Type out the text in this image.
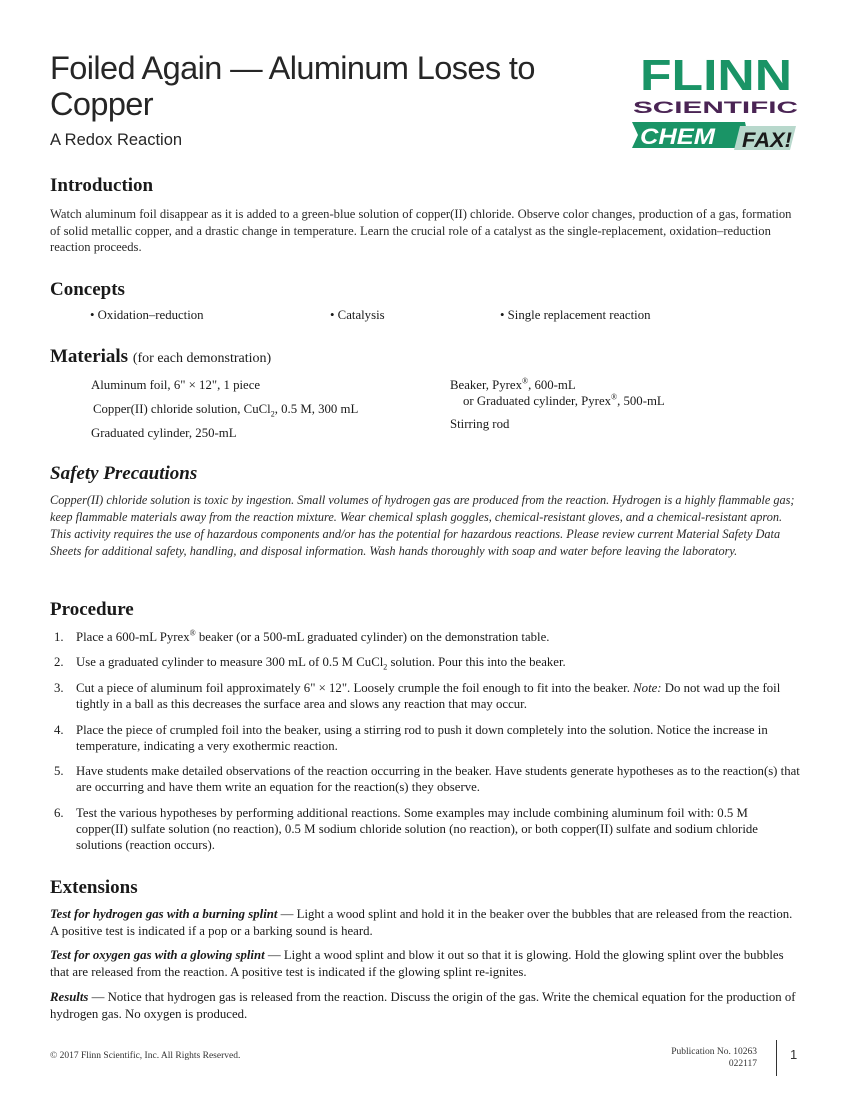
Foiled Again — Aluminum Loses to Copper
A Redox Reaction
FLINN
SCIENTIFIC
CHEM FAX!
Introduction
Watch aluminum foil disappear as it is added to a green-blue solution of copper(II) chloride. Observe color changes, production of a gas, formation of solid metallic copper, and a drastic change in temperature. Learn the crucial role of a catalyst as the single-replacement, oxidation–reduction reaction proceeds.
Concepts
• Oxidation–reduction	• Catalysis	• Single replacement reaction
Materials (for each demonstration)
Aluminum foil, 6" × 12", 1 piece
Copper(II) chloride solution, CuCl$_2$, 0.5 M, 300 mL
Graduated cylinder, 250-mL
Beaker, Pyrex®, 600-mL
or Graduated cylinder, Pyrex®, 500-mL
Stirring rod
Safety Precautions
Copper(II) chloride solution is toxic by ingestion. Small volumes of hydrogen gas are produced from the reaction. Hydrogen is a highly flammable gas; keep flammable materials away from the reaction mixture. Wear chemical splash goggles, chemical-resistant gloves, and a chemical-resistant apron. This activity requires the use of hazardous components and/or has the potential for hazardous reactions. Please review current Material Safety Data Sheets for additional safety, handling, and disposal information. Wash hands thoroughly with soap and water before leaving the laboratory.
Procedure
1. Place a 600-mL Pyrex® beaker (or a 500-mL graduated cylinder) on the demonstration table.
2. Use a graduated cylinder to measure 300 mL of 0.5 M CuCl$_2$ solution. Pour this into the beaker.
3. Cut a piece of aluminum foil approximately 6" × 12". Loosely crumple the foil enough to fit into the beaker. Note: Do not wad up the foil tightly in a ball as this decreases the surface area and slows any reaction that may occur.
4. Place the piece of crumpled foil into the beaker, using a stirring rod to push it down completely into the solution. Notice the increase in temperature, indicating a very exothermic reaction.
5. Have students make detailed observations of the reaction occurring in the beaker. Have students generate hypotheses as to the reaction(s) that are occurring and have them write an equation for the reaction(s) they observe.
6. Test the various hypotheses by performing additional reactions. Some examples may include combining aluminum foil with: 0.5 M copper(II) sulfate solution (no reaction), 0.5 M sodium chloride solution (no reaction), or both copper(II) sulfate and sodium chloride solutions (reaction occurs).
Extensions
Test for hydrogen gas with a burning splint — Light a wood splint and hold it in the beaker over the bubbles that are released from the reaction. A positive test is indicated if a pop or a barking sound is heard.
Test for oxygen gas with a glowing splint — Light a wood splint and blow it out so that it is glowing. Hold the glowing splint over the bubbles that are released from the reaction. A positive test is indicated if the glowing splint re-ignites.
Results — Notice that hydrogen gas is released from the reaction. Discuss the origin of the gas. Write the chemical equation for the production of hydrogen gas. No oxygen is produced.
© 2017 Flinn Scientific, Inc. All Rights Reserved.	Publication No. 10263
022117
1
